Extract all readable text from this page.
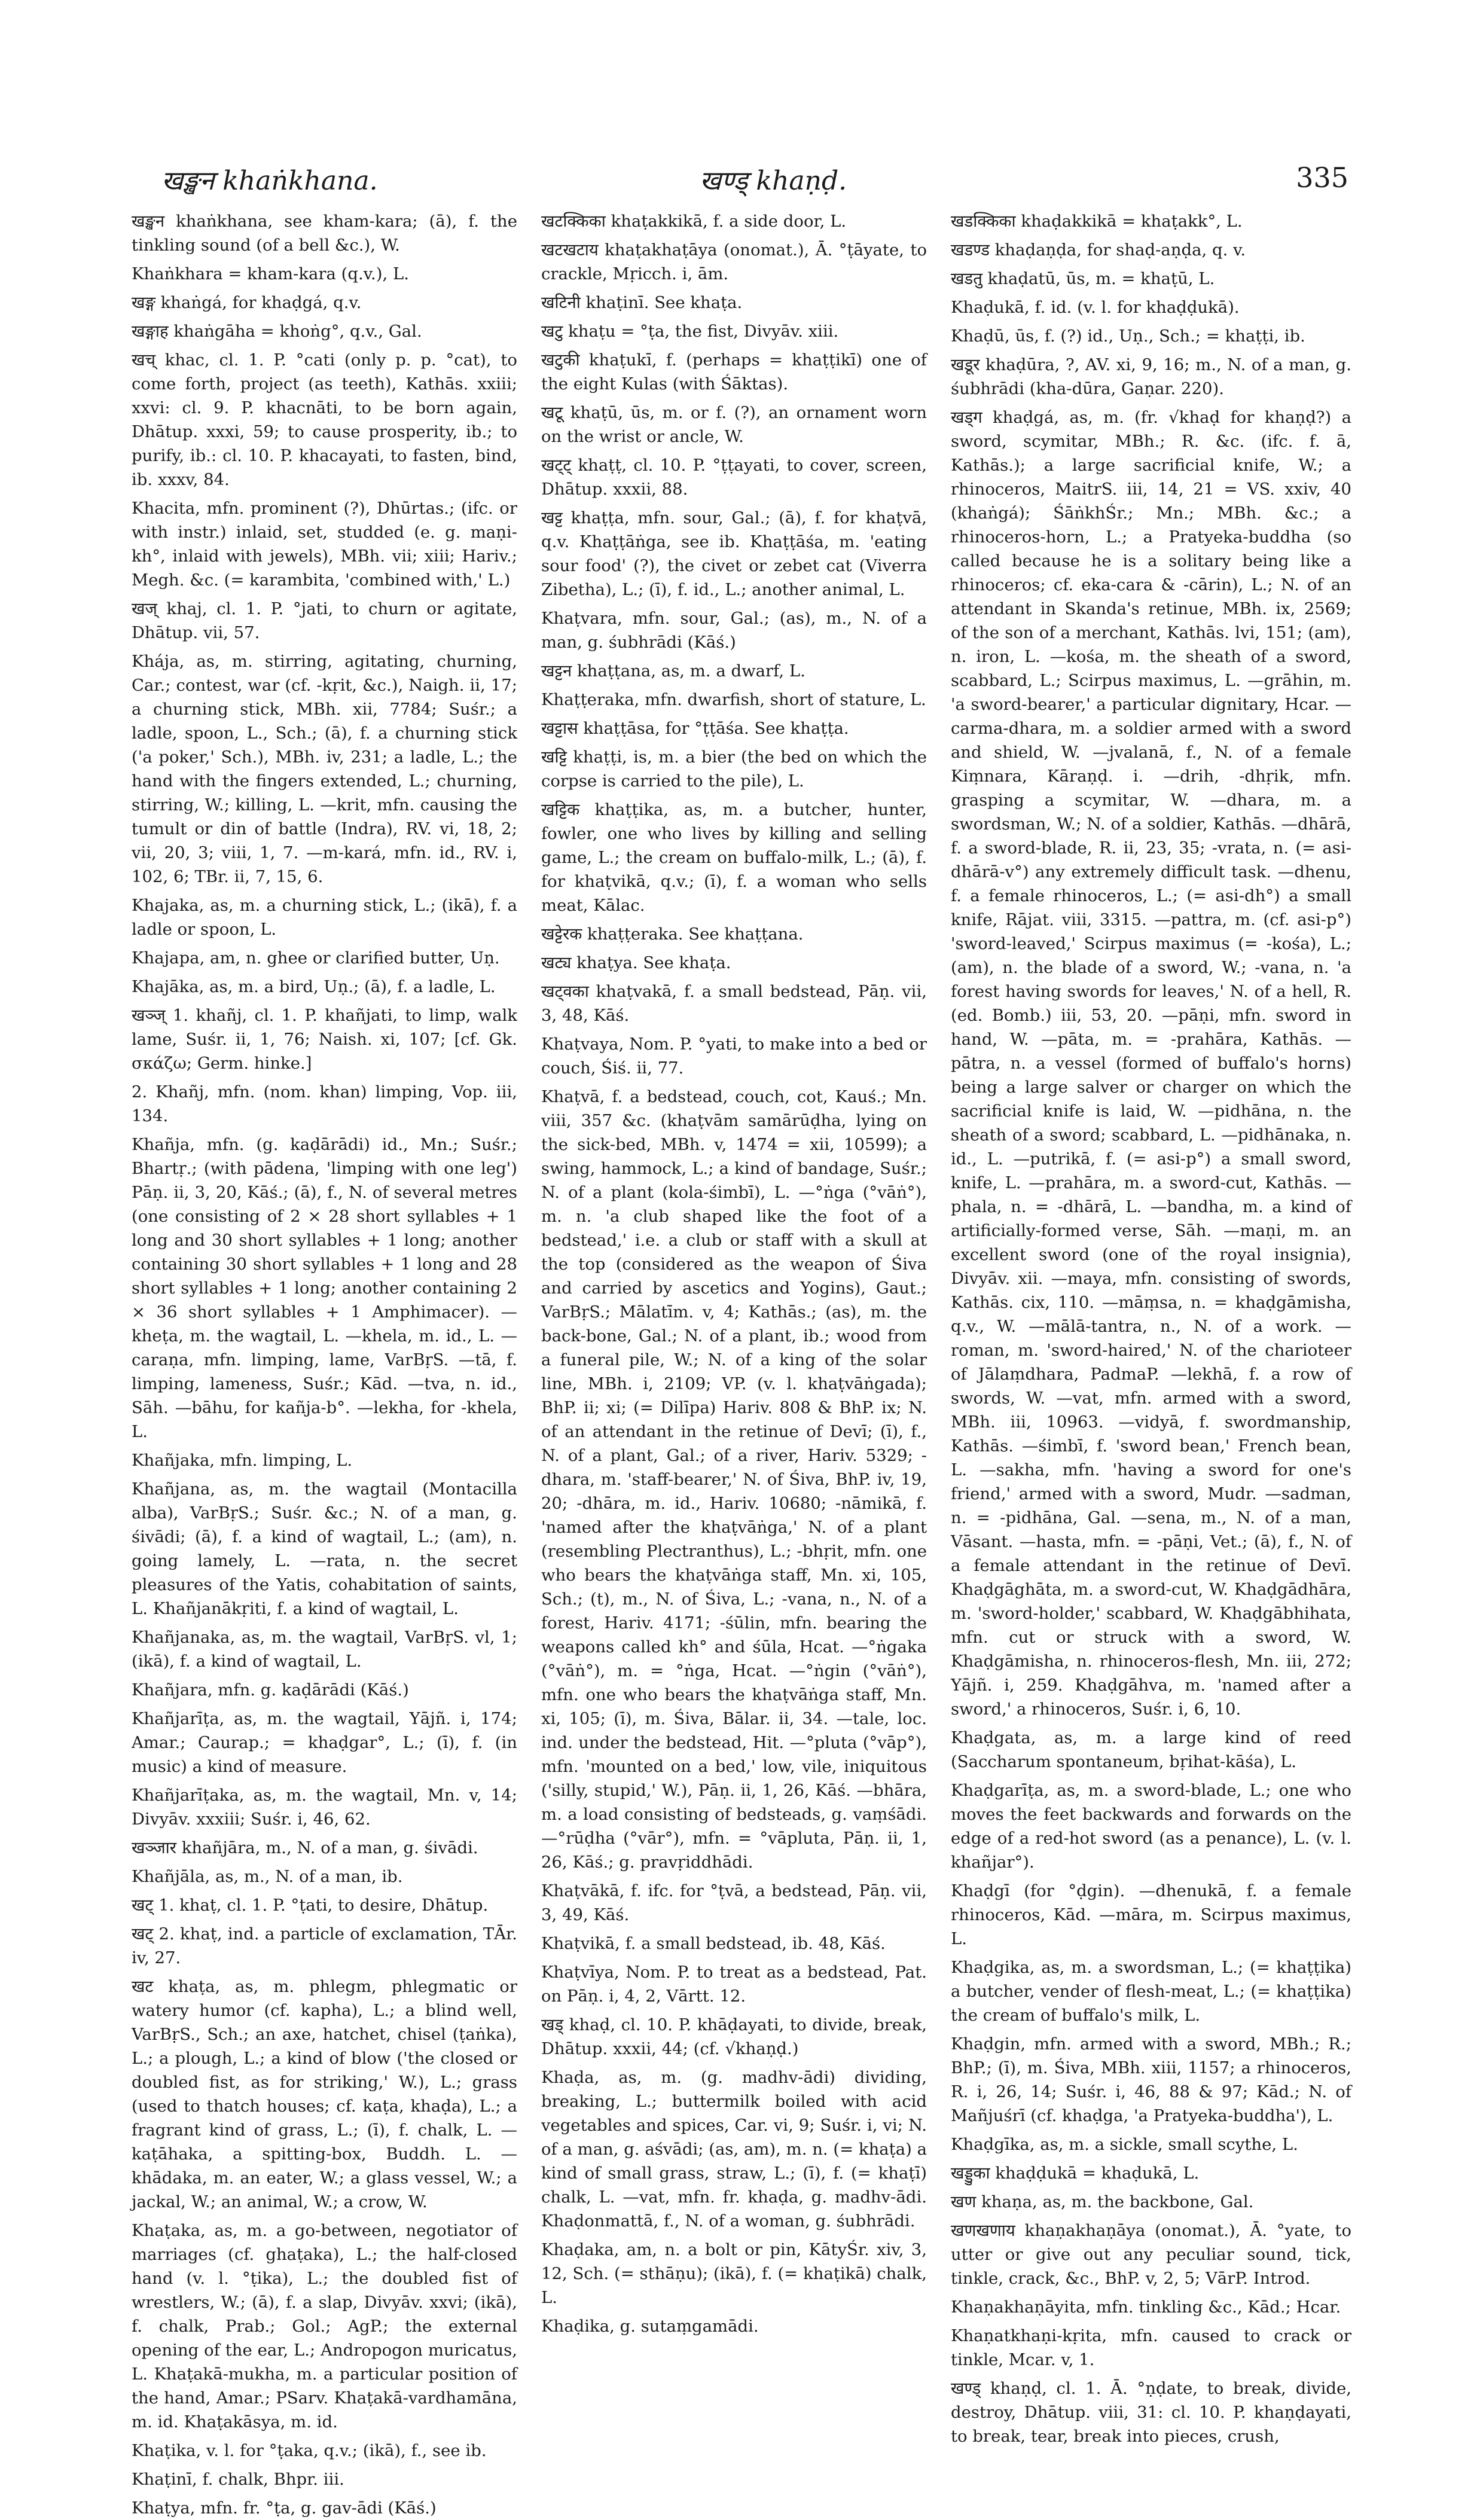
खङ्खन khaṅkhana.	खण्ड् khaṇḍ.	335

खङ्खन khaṅkhana, see kham-kara; (ā), f. the tinkling sound (of a bell &c.), W.

Khaṅkhara = kham-kara (q.v.), L.

खङ्ग khaṅgá, for khaḍgá, q.v.

खङ्गाह khaṅgāha = khoṅg°, q.v., Gal.

खच् khac, cl. 1. P. °cati (only p. p. °cat), to come forth, project (as teeth), Kathās. xxiii; xxvi: cl. 9. P. khacnāti, to be born again, Dhātup. xxxi, 59; to cause prosperity, ib.; to purify, ib.: cl. 10. P. khacayati, to fasten, bind, ib. xxxv, 84.

Khacita, mfn. prominent (?), Dhūrtas.; (ifc. or with instr.) inlaid, set, studded (e. g. maṇi-kh°, inlaid with jewels), MBh. vii; xiii; Hariv.; Megh. &c. (= karambita, 'combined with,' L.)

खज् khaj, cl. 1. P. °jati, to churn or agitate, Dhātup. vii, 57.

Khája, as, m. stirring, agitating, churning, Car.; contest, war (cf. -kṛit, &c.), Naigh. ii, 17; a churning stick, MBh. xii, 7784; Suśr.; a ladle, spoon, L., Sch.; (ā), f. a churning stick ('a poker,' Sch.), MBh. iv, 231; a ladle, L.; the hand with the fingers extended, L.; churning, stirring, W.; killing, L. —krit, mfn. causing the tumult or din of battle (Indra), RV. vi, 18, 2; vii, 20, 3; viii, 1, 7. —m-kará, mfn. id., RV. i, 102, 6; TBr. ii, 7, 15, 6.

Khajaka, as, m. a churning stick, L.; (ikā), f. a ladle or spoon, L.

Khajapa, am, n. ghee or clarified butter, Uṇ.

Khajāka, as, m. a bird, Uṇ.; (ā), f. a ladle, L.

खञ्ज् 1. khañj, cl. 1. P. khañjati, to limp, walk lame, Suśr. ii, 1, 76; Naish. xi, 107; [cf. Gk. σκάζω; Germ. hinke.]

2. Khañj, mfn. (nom. khan) limping, Vop. iii, 134.

Khañja, mfn. (g. kaḍārādi) id., Mn.; Suśr.; Bhartṛ.; (with pādena, 'limping with one leg') Pāṇ. ii, 3, 20, Kāś.; (ā), f., N. of several metres (one consisting of 2 × 28 short syllables + 1 long and 30 short syllables + 1 long; another containing 30 short syllables + 1 long and 28 short syllables + 1 long; another containing 2 × 36 short syllables + 1 Amphimacer). —kheṭa, m. the wagtail, L. —khela, m. id., L. —caraṇa, mfn. limping, lame, VarBṛS. —tā, f. limping, lameness, Suśr.; Kād. —tva, n. id., Sāh. —bāhu, for kañja-b°. —lekha, for -khela, L.

Khañjaka, mfn. limping, L.

Khañjana, as, m. the wagtail (Montacilla alba), VarBṛS.; Suśr. &c.; N. of a man, g. śivādi; (ā), f. a kind of wagtail, L.; (am), n. going lamely, L. —rata, n. the secret pleasures of the Yatis, cohabitation of saints, L. Khañjanākṛiti, f. a kind of wagtail, L.

Khañjanaka, as, m. the wagtail, VarBṛS. vl, 1; (ikā), f. a kind of wagtail, L.

Khañjara, mfn. g. kaḍārādi (Kāś.)

Khañjarīṭa, as, m. the wagtail, Yājñ. i, 174; Amar.; Caurap.; = khaḍgar°, L.; (ī), f. (in music) a kind of measure.

Khañjarīṭaka, as, m. the wagtail, Mn. v, 14; Divyāv. xxxiii; Suśr. i, 46, 62.

खञ्जार khañjāra, m., N. of a man, g. śivādi.

Khañjāla, as, m., N. of a man, ib.

खट् 1. khaṭ, cl. 1. P. °ṭati, to desire, Dhātup.

खट् 2. khaṭ, ind. a particle of exclamation, TĀr. iv, 27.

खट khaṭa, as, m. phlegm, phlegmatic or watery humor (cf. kapha), L.; a blind well, VarBṛS., Sch.; an axe, hatchet, chisel (ṭaṅka), L.; a plough, L.; a kind of blow ('the closed or doubled fist, as for striking,' W.), L.; grass (used to thatch houses; cf. kaṭa, khaḍa), L.; a fragrant kind of grass, L.; (ī), f. chalk, L. —kaṭāhaka, a spitting-box, Buddh. L. —khādaka, m. an eater, W.; a glass vessel, W.; a jackal, W.; an animal, W.; a crow, W.

Khaṭaka, as, m. a go-between, negotiator of marriages (cf. ghaṭaka), L.; the half-closed hand (v. l. °ṭika), L.; the doubled fist of wrestlers, W.; (ā), f. a slap, Divyāv. xxvi; (ikā), f. chalk, Prab.; Gol.; AgP.; the external opening of the ear, L.; Andropogon muricatus, L. Khaṭakā-mukha, m. a particular position of the hand, Amar.; PSarv. Khaṭakā-vardhamāna, m. id. Khaṭakāsya, m. id.

Khaṭika, v. l. for °ṭaka, q.v.; (ikā), f., see ib.

Khaṭinī, f. chalk, Bhpr. iii.

Khaṭya, mfn. fr. °ṭa, g. gav-ādi (Kāś.)

खटक्किका khaṭakkikā, f. a side door, L.

खटखटाय khaṭakhaṭāya (onomat.), Ā. °ṭāyate, to crackle, Mṛicch. i, ām.

खटिनी khaṭinī. See khaṭa.

खटु khaṭu = °ṭa, the fist, Divyāv. xiii.

खटुकी khaṭukī, f. (perhaps = khaṭṭikī) one of the eight Kulas (with Śāktas).

खटू khaṭū, ūs, m. or f. (?), an ornament worn on the wrist or ancle, W.

खट्ट् khaṭṭ, cl. 10. P. °ṭṭayati, to cover, screen, Dhātup. xxxii, 88.

खट्ट khaṭṭa, mfn. sour, Gal.; (ā), f. for khaṭvā, q.v. Khaṭṭāṅga, see ib. Khaṭṭāśa, m. 'eating sour food' (?), the civet or zebet cat (Viverra Zibetha), L.; (ī), f. id., L.; another animal, L.

Khaṭvara, mfn. sour, Gal.; (as), m., N. of a man, g. śubhrādi (Kāś.)

खट्टन khaṭṭana, as, m. a dwarf, L.

Khaṭṭeraka, mfn. dwarfish, short of stature, L.

खट्टास khaṭṭāsa, for °ṭṭāśa. See khaṭṭa.

खट्टि khaṭṭi, is, m. a bier (the bed on which the corpse is carried to the pile), L.

खट्टिक khaṭṭika, as, m. a butcher, hunter, fowler, one who lives by killing and selling game, L.; the cream on buffalo-milk, L.; (ā), f. for khaṭvikā, q.v.; (ī), f. a woman who sells meat, Kālac.

खट्टेरक khaṭṭeraka. See khaṭṭana.

खट्य khaṭya. See khaṭa.

खट्वका khaṭvakā, f. a small bedstead, Pāṇ. vii, 3, 48, Kāś.

Khaṭvaya, Nom. P. °yati, to make into a bed or couch, Śiś. ii, 77.

Khaṭvā, f. a bedstead, couch, cot, Kauś.; Mn. viii, 357 &c. (khaṭvām samārūḍha, lying on the sick-bed, MBh. v, 1474 = xii, 10599); a swing, hammock, L.; a kind of bandage, Suśr.; N. of a plant (kola-śimbī), L. —°ṅga (°vāṅ°), m. n. 'a club shaped like the foot of a bedstead,' i.e. a club or staff with a skull at the top (considered as the weapon of Śiva and carried by ascetics and Yogins), Gaut.; VarBṛS.; Mālatīm. v, 4; Kathās.; (as), m. the back-bone, Gal.; N. of a plant, ib.; wood from a funeral pile, W.; N. of a king of the solar line, MBh. i, 2109; VP. (v. l. khaṭvāṅgada); BhP. ii; xi; (= Dilīpa) Hariv. 808 & BhP. ix; N. of an attendant in the retinue of Devī; (ī), f., N. of a plant, Gal.; of a river, Hariv. 5329; -dhara, m. 'staff-bearer,' N. of Śiva, BhP. iv, 19, 20; -dhāra, m. id., Hariv. 10680; -nāmikā, f. 'named after the khaṭvāṅga,' N. of a plant (resembling Plectranthus), L.; -bhṛit, mfn. one who bears the khaṭvāṅga staff, Mn. xi, 105, Sch.; (t), m., N. of Śiva, L.; -vana, n., N. of a forest, Hariv. 4171; -śūlin, mfn. bearing the weapons called kh° and śūla, Hcat. —°ṅgaka (°vāṅ°), m. = °ṅga, Hcat. —°ṅgin (°vāṅ°), mfn. one who bears the khaṭvāṅga staff, Mn. xi, 105; (ī), m. Śiva, Bālar. ii, 34. —tale, loc. ind. under the bedstead, Hit. —°pluta (°vāp°), mfn. 'mounted on a bed,' low, vile, iniquitous ('silly, stupid,' W.), Pāṇ. ii, 1, 26, Kāś. —bhāra, m. a load consisting of bedsteads, g. vaṃśādi. —°rūḍha (°vār°), mfn. = °vāpluta, Pāṇ. ii, 1, 26, Kāś.; g. pravṛiddhādi.

Khaṭvākā, f. ifc. for °ṭvā, a bedstead, Pāṇ. vii, 3, 49, Kāś.

Khaṭvikā, f. a small bedstead, ib. 48, Kāś.

Khaṭvīya, Nom. P. to treat as a bedstead, Pat. on Pāṇ. i, 4, 2, Vārtt. 12.

खड् khaḍ, cl. 10. P. khāḍayati, to divide, break, Dhātup. xxxii, 44; (cf. √khaṇḍ.)

Khaḍa, as, m. (g. madhv-ādi) dividing, breaking, L.; buttermilk boiled with acid vegetables and spices, Car. vi, 9; Suśr. i, vi; N. of a man, g. aśvādi; (as, am), m. n. (= khaṭa) a kind of small grass, straw, L.; (ī), f. (= khaṭī) chalk, L. —vat, mfn. fr. khaḍa, g. madhv-ādi. Khaḍonmattā, f., N. of a woman, g. śubhrādi.

Khaḍaka, am, n. a bolt or pin, KātyŚr. xiv, 3, 12, Sch. (= sthāṇu); (ikā), f. (= khaṭikā) chalk, L.

Khaḍika, g. sutaṃgamādi.

खडक्किका khaḍakkikā = khaṭakk°, L.

खडण्ड khaḍaṇḍa, for shaḍ-aṇḍa, q. v.

खडतु khaḍatū, ūs, m. = khaṭū, L.

Khaḍukā, f. id. (v. l. for khaḍḍukā).

Khaḍū, ūs, f. (?) id., Uṇ., Sch.; = khaṭṭi, ib.

खडूर khaḍūra, ?, AV. xi, 9, 16; m., N. of a man, g. śubhrādi (kha-dūra, Gaṇar. 220).

खड्ग khaḍgá, as, m. (fr. √khaḍ for khaṇḍ?) a sword, scymitar, MBh.; R. &c. (ifc. f. ā, Kathās.); a large sacrificial knife, W.; a rhinoceros, MaitrS. iii, 14, 21 = VS. xxiv, 40 (khaṅgá); ŚāṅkhŚr.; Mn.; MBh. &c.; a rhinoceros-horn, L.; a Pratyeka-buddha (so called because he is a solitary being like a rhinoceros; cf. eka-cara & -cārin), L.; N. of an attendant in Skanda's retinue, MBh. ix, 2569; of the son of a merchant, Kathās. lvi, 151; (am), n. iron, L. —kośa, m. the sheath of a sword, scabbard, L.; Scirpus maximus, L. —grāhin, m. 'a sword-bearer,' a particular dignitary, Hcar. —carma-dhara, m. a soldier armed with a sword and shield, W. —jvalanā, f., N. of a female Kiṃnara, Kāraṇḍ. i. —drih, -dhṛik, mfn. grasping a scymitar, W. —dhara, m. a swordsman, W.; N. of a soldier, Kathās. —dhārā, f. a sword-blade, R. ii, 23, 35; -vrata, n. (= asi-dhārā-v°) any extremely difficult task. —dhenu, f. a female rhinoceros, L.; (= asi-dh°) a small knife, Rājat. viii, 3315. —pattra, m. (cf. asi-p°) 'sword-leaved,' Scirpus maximus (= -kośa), L.; (am), n. the blade of a sword, W.; -vana, n. 'a forest having swords for leaves,' N. of a hell, R. (ed. Bomb.) iii, 53, 20. —pāṇi, mfn. sword in hand, W. —pāta, m. = -prahāra, Kathās. —pātra, n. a vessel (formed of buffalo's horns) being a large salver or charger on which the sacrificial knife is laid, W. —pidhāna, n. the sheath of a sword; scabbard, L. —pidhānaka, n. id., L. —putrikā, f. (= asi-p°) a small sword, knife, L. —prahāra, m. a sword-cut, Kathās. —phala, n. = -dhārā, L. —bandha, m. a kind of artificially-formed verse, Sāh. —maṇi, m. an excellent sword (one of the royal insignia), Divyāv. xii. —maya, mfn. consisting of swords, Kathās. cix, 110. —māṃsa, n. = khaḍgāmisha, q.v., W. —mālā-tantra, n., N. of a work. —roman, m. 'sword-haired,' N. of the charioteer of Jālaṃdhara, PadmaP. —lekhā, f. a row of swords, W. —vat, mfn. armed with a sword, MBh. iii, 10963. —vidyā, f. swordmanship, Kathās. —śimbī, f. 'sword bean,' French bean, L. —sakha, mfn. 'having a sword for one's friend,' armed with a sword, Mudr. —sadman, n. = -pidhāna, Gal. —sena, m., N. of a man, Vāsant. —hasta, mfn. = -pāṇi, Vet.; (ā), f., N. of a female attendant in the retinue of Devī. Khaḍgāghāta, m. a sword-cut, W. Khaḍgādhāra, m. 'sword-holder,' scabbard, W. Khaḍgābhihata, mfn. cut or struck with a sword, W. Khaḍgāmisha, n. rhinoceros-flesh, Mn. iii, 272; Yājñ. i, 259. Khaḍgāhva, m. 'named after a sword,' a rhinoceros, Suśr. i, 6, 10.

Khaḍgata, as, m. a large kind of reed (Saccharum spontaneum, bṛihat-kāśa), L.

Khaḍgarīṭa, as, m. a sword-blade, L.; one who moves the feet backwards and forwards on the edge of a red-hot sword (as a penance), L. (v. l. khañjar°).

Khaḍgī (for °ḍgin). —dhenukā, f. a female rhinoceros, Kād. —māra, m. Scirpus maximus, L.

Khaḍgika, as, m. a swordsman, L.; (= khaṭṭika) a butcher, vender of flesh-meat, L.; (= khaṭṭika) the cream of buffalo's milk, L.

Khaḍgin, mfn. armed with a sword, MBh.; R.; BhP.; (ī), m. Śiva, MBh. xiii, 1157; a rhinoceros, R. i, 26, 14; Suśr. i, 46, 88 & 97; Kād.; N. of Mañjuśrī (cf. khaḍga, 'a Pratyeka-buddha'), L.

Khaḍgīka, as, m. a sickle, small scythe, L.

खड्डुका khaḍḍukā = khaḍukā, L.

खण khaṇa, as, m. the backbone, Gal.

खणखणाय khaṇakhaṇāya (onomat.), Ā. °yate, to utter or give out any peculiar sound, tick, tinkle, crack, &c., BhP. v, 2, 5; VārP. Introd.

Khaṇakhaṇāyita, mfn. tinkling &c., Kād.; Hcar.

Khaṇatkhaṇi-kṛita, mfn. caused to crack or tinkle, Mcar. v, 1.

खण्ड् khaṇḍ, cl. 1. Ā. °ṇḍate, to break, divide, destroy, Dhātup. viii, 31: cl. 10. P. khaṇḍayati, to break, tear, break into pieces, crush,
